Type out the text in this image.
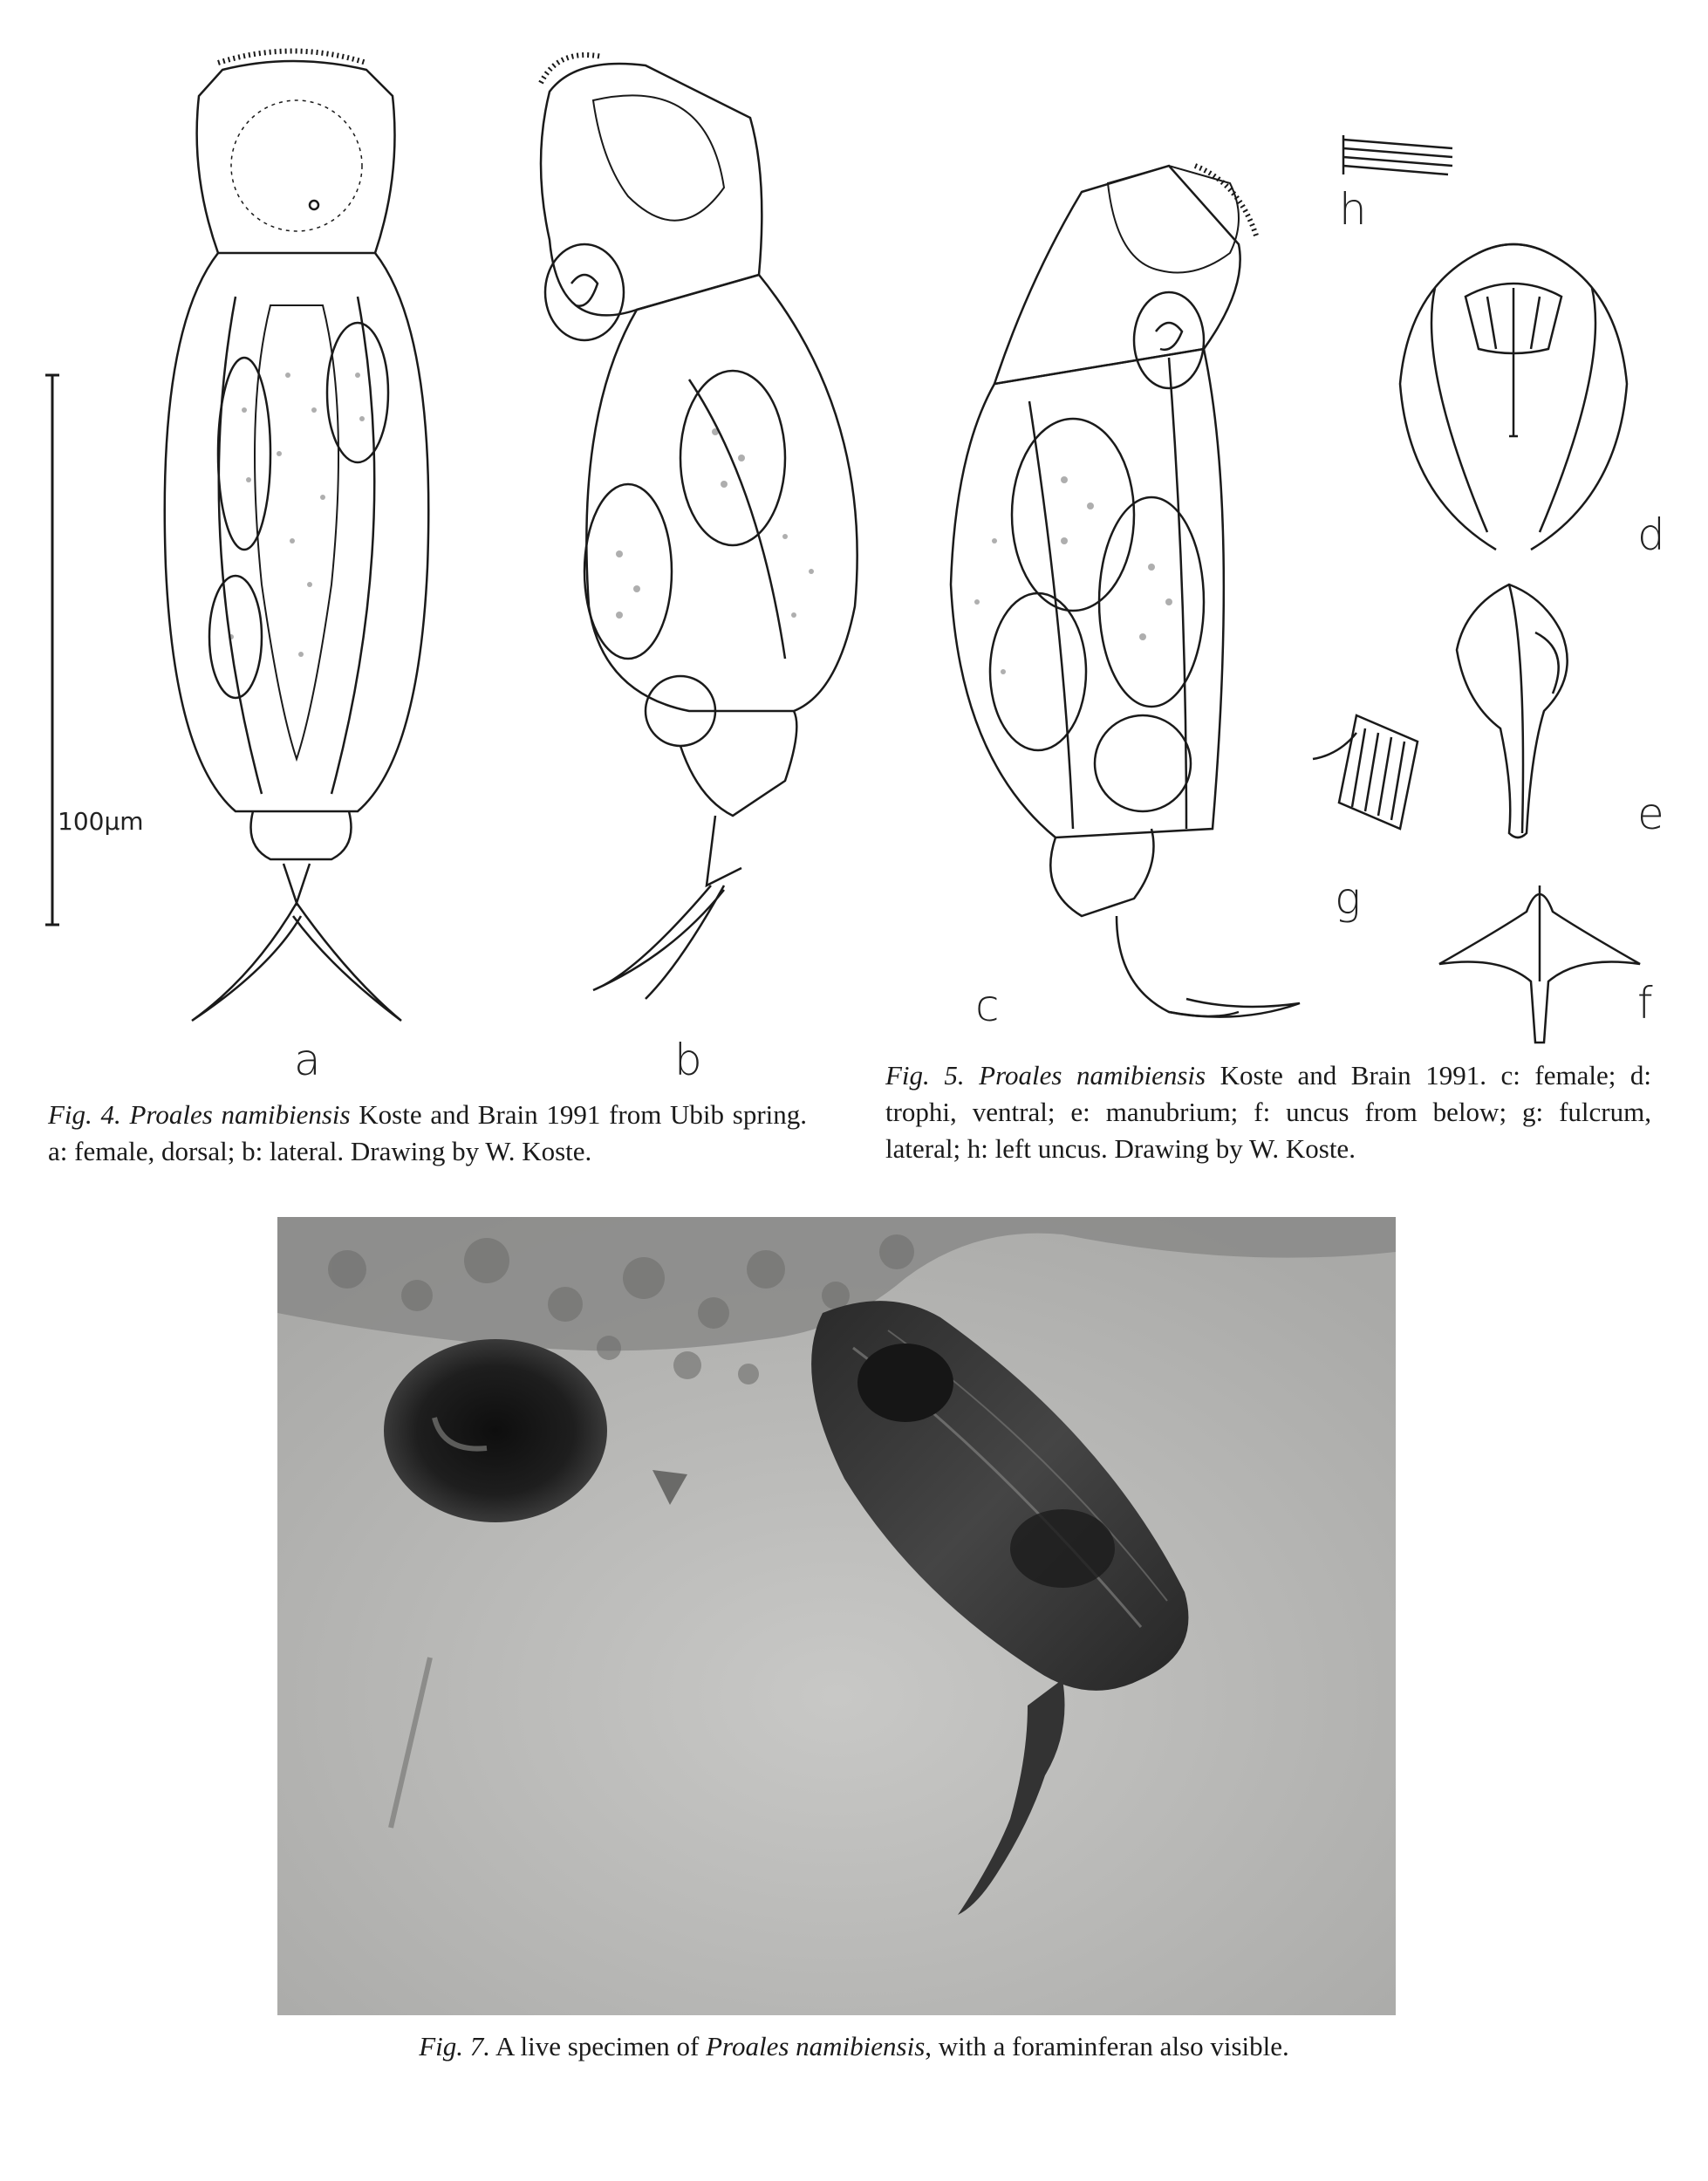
100µm
a	b
Fig. 4. Proales namibiensis Koste and Brain 1991 from Ubib spring. a: female, dorsal; b: lateral. Drawing by W. Koste.
d
e
g
f
h
c
Fig. 5. Proales namibiensis Koste and Brain 1991. c: female; d: trophi, ventral; e: manubrium; f: uncus from below; g: fulcrum, lateral; h: left uncus. Drawing by W. Koste.
Fig. 7. A live specimen of Proales namibiensis, with a foraminferan also visible.
